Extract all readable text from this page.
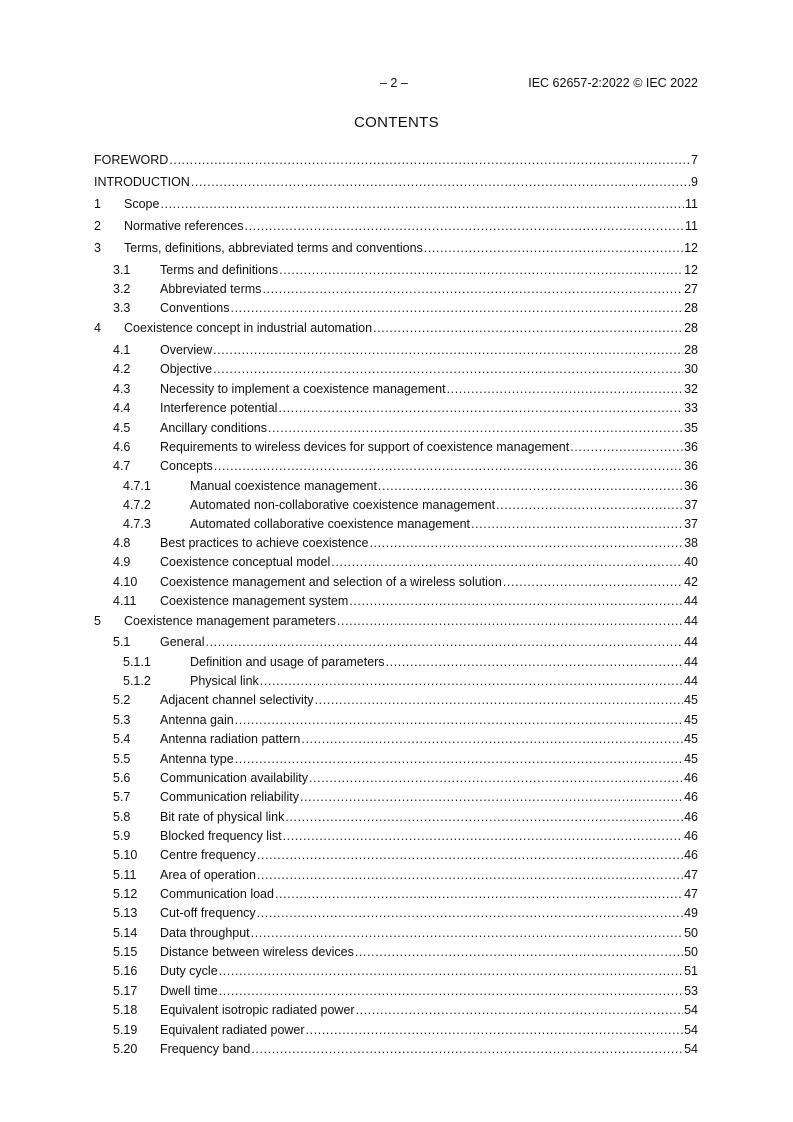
– 2 –	IEC 62657-2:2022 © IEC 2022
CONTENTS
FOREWORD .....	7
INTRODUCTION .....	9
1	Scope .....	11
2	Normative references .....	11
3	Terms, definitions, abbreviated terms and conventions .....	12
3.1	Terms and definitions .....	12
3.2	Abbreviated terms .....	27
3.3	Conventions .....	28
4	Coexistence concept in industrial automation .....	28
4.1	Overview .....	28
4.2	Objective .....	30
4.3	Necessity to implement a coexistence management .....	32
4.4	Interference potential .....	33
4.5	Ancillary conditions .....	35
4.6	Requirements to wireless devices for support of coexistence management .....	36
4.7	Concepts .....	36
4.7.1	Manual coexistence management .....	36
4.7.2	Automated non-collaborative coexistence management .....	37
4.7.3	Automated collaborative coexistence management .....	37
4.8	Best practices to achieve coexistence .....	38
4.9	Coexistence conceptual model .....	40
4.10	Coexistence management and selection of a wireless solution .....	42
4.11	Coexistence management system .....	44
5	Coexistence management parameters .....	44
5.1	General .....	44
5.1.1	Definition and usage of parameters .....	44
5.1.2	Physical link .....	44
5.2	Adjacent channel selectivity .....	45
5.3	Antenna gain .....	45
5.4	Antenna radiation pattern .....	45
5.5	Antenna type .....	45
5.6	Communication availability .....	46
5.7	Communication reliability .....	46
5.8	Bit rate of physical link .....	46
5.9	Blocked frequency list .....	46
5.10	Centre frequency .....	46
5.11	Area of operation .....	47
5.12	Communication load .....	47
5.13	Cut-off frequency .....	49
5.14	Data throughput .....	50
5.15	Distance between wireless devices .....	50
5.16	Duty cycle .....	51
5.17	Dwell time .....	53
5.18	Equivalent isotropic radiated power .....	54
5.19	Equivalent radiated power .....	54
5.20	Frequency band .....	54
